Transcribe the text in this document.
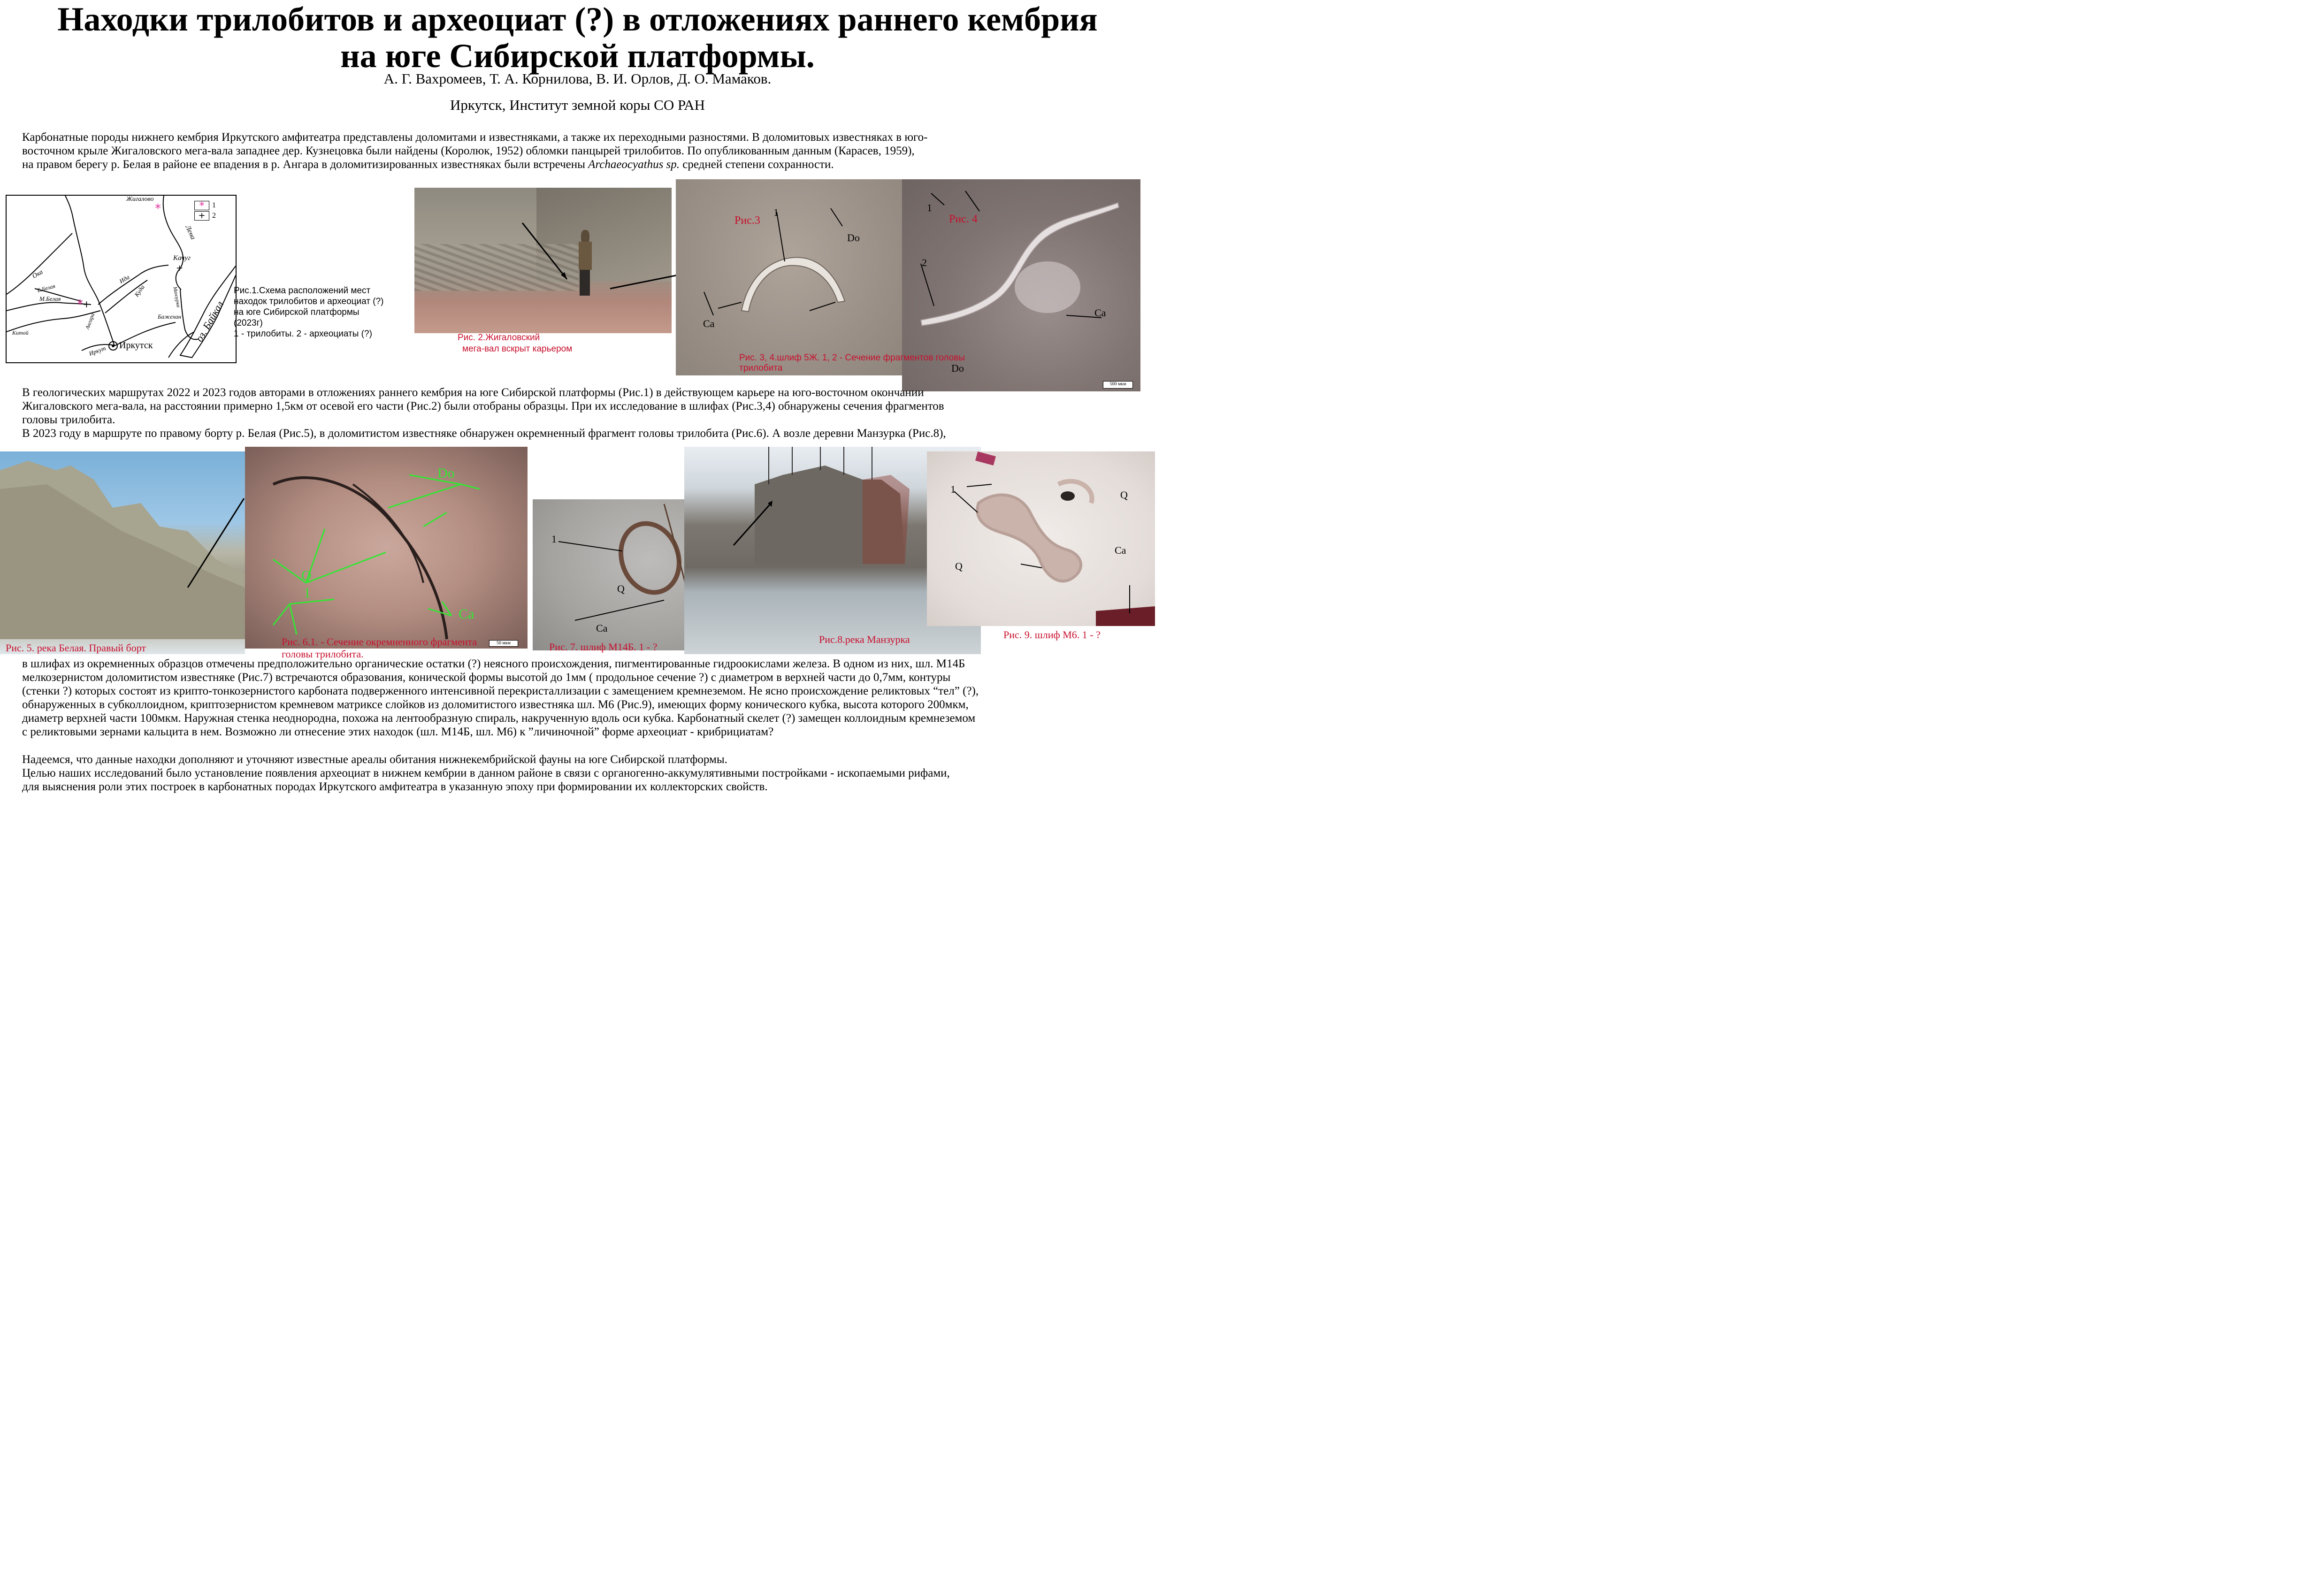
Находки трилобитов и археоциат (?) в отложениях раннего кембрия
на юге Сибирской платформы.
А. Г. Вахромеев, Т. А. Корнилова, В. И. Орлов, Д. О. Мамаков.
Иркутск, Институт земной коры СО РАН
Карбонатные породы нижнего кембрия Иркутского амфитеатра представлены доломитами и известняками, а также их переходными разностями. В доломитовых известняках в юго-
восточном крыле Жигаловского мега-вала западнее дер. Кузнецовка были найдены (Королюк, 1952) обломки панцырей трилобитов. По опубликованным данным (Карасев, 1959),
на правом берегу р. Белая в районе ее впадения в р. Ангара в доломитизированных известняках были встречены Archaeocyathus sp. средней степени сохранности.
*
* +
+
Жигалово
Лена
Качуг
Ока
Б.Белая
М.Белая
Ида
Куда	Манзурка
Бажехан
Ангара
Китой
Иркут Иркутск
оз. Байкал
*	1
+ 2
Рис.1.Схема расположений мест
находок трилобитов и археоциат (?)
на юге Сибирской платформы
(2023г)
1 - трилобиты. 2 - археоциаты (?)	Рис. 2.Жигаловский
мега-вал вскрыт карьером
Рис.3
1
Do
Ca
Рис. 4
1
2
Ca
Do
500 мкм
Рис. 3, 4.шлиф 5Ж. 1, 2 - Сечение фрагментов головы
трилобита
В геологических маршрутах 2022 и 2023 годов авторами в отложениях раннего кембрия на юге Сибирской платформы (Рис.1) в действующем карьере на юго-восточном окончании
Жигаловского мега-вала, на расстоянии примерно 1,5км от осевой его части (Рис.2) были отобраны образцы. При их исследование в шлифах (Рис.3,4) обнаружены сечения фрагментов
головы трилобита.
В 2023 году в маршруте по правому борту р. Белая (Рис.5), в доломитистом известняке обнаружен окремненный фрагмент головы трилобита (Рис.6). А возле деревни Манзурка (Рис.8),
Рис. 5. река Белая. Правый борт
Do
1
Q
Ca
50 мкм
Рис. 6.1. - Сечение окремненного фрагмента
головы трилобита.
1
Q
Ca
Рис. 7. шлиф М14Б. 1 - ?
Рис.8.река Манзурка
1	Q
Q
Ca
Рис. 9. шлиф М6. 1 - ?
в шлифах из окремненных образцов отмечены предположительно органические остатки (?) неясного происхождения, пигментированные гидроокислами железа. В одном из них, шл. М14Б
мелкозернистом доломитистом известняке (Рис.7) встречаются образования, конической формы высотой до 1мм ( продольное сечение ?) с диаметром в верхней части до 0,7мм, контуры
(стенки ?) которых состоят из крипто-тонкозернистого карбоната подверженного интенсивной перекристаллизации с замещением кремнеземом. Не ясно происхождение реликтовых “тел” (?),
обнаруженных в субколлоидном, криптозернистом кремневом матриксе слойков из доломитистого известняка шл. М6 (Рис.9), имеющих форму конического кубка, высота которого 200мкм,
диаметр верхней части 100мкм. Наружная стенка неоднородна, похожа на лентообразную спираль, накрученную вдоль оси кубка. Карбонатный скелет (?) замещен коллоидным кремнеземом
с реликтовыми зернами кальцита в нем. Возможно ли отнесение этих находок (шл. М14Б, шл. М6) к ”личиночной” форме археоциат - крибрициатам?
Надеемся, что данные находки дополняют и уточняют известные ареалы обитания нижнекембрийской фауны на юге Сибирской платформы.
Целью наших исследований было установление появления археоциат в нижнем кембрии в данном районе в связи с органогенно-аккумулятивными постройками - ископаемыми рифами,
для выяснения роли этих построек в карбонатных породах Иркутского амфитеатра в указанную эпоху при формировании их коллекторских свойств.
